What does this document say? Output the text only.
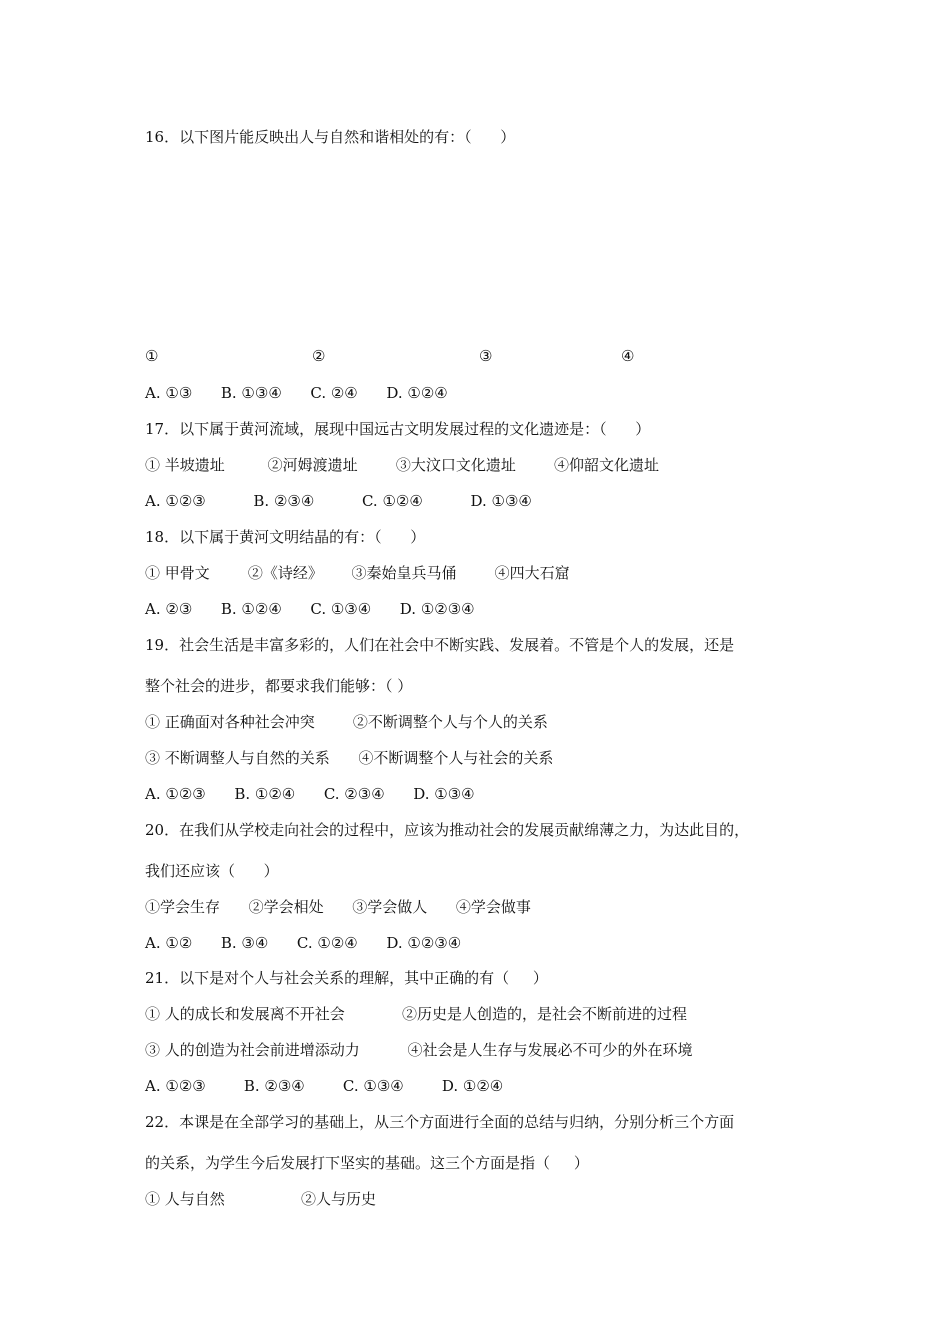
16．以下图片能反映出人与自然和谐相处的有：（      ）
①	②	③	④
A. ①③      B. ①③④      C. ②④      D. ①②④
17．以下属于黄河流域，展现中国远古文明发展过程的文化遗迹是：（      ）
① 半坡遗址         ②河姆渡遗址        ③大汶口文化遗址        ④仰韶文化遗址
A. ①②③          B. ②③④          C. ①②④          D. ①③④
18．以下属于黄河文明结晶的有：（      ）
① 甲骨文        ②《诗经》      ③秦始皇兵马俑        ④四大石窟
A. ②③      B. ①②④      C. ①③④      D. ①②③④
19．社会生活是丰富多彩的，人们在社会中不断实践、发展着。不管是个人的发展，还是
整个社会的进步，都要求我们能够：（ ）
① 正确面对各种社会冲突        ②不断调整个人与个人的关系
③ 不断调整人与自然的关系      ④不断调整个人与社会的关系
A. ①②③      B. ①②④      C. ②③④      D. ①③④
20．在我们从学校走向社会的过程中，应该为推动社会的发展贡献绵薄之力，为达此目的，
我们还应该（      ）
①学会生存      ②学会相处      ③学会做人      ④学会做事
A. ①②      B. ③④      C. ①②④      D. ①②③④
21．以下是对个人与社会关系的理解，其中正确的有（     ）
① 人的成长和发展离不开社会            ②历史是人创造的，是社会不断前进的过程
③ 人的创造为社会前进增添动力          ④社会是人生存与发展必不可少的外在环境
A. ①②③        B. ②③④        C. ①③④        D. ①②④
22．本课是在全部学习的基础上，从三个方面进行全面的总结与归纳，分别分析三个方面
的关系，为学生今后发展打下坚实的基础。这三个方面是指（     ）
① 人与自然                ②人与历史
